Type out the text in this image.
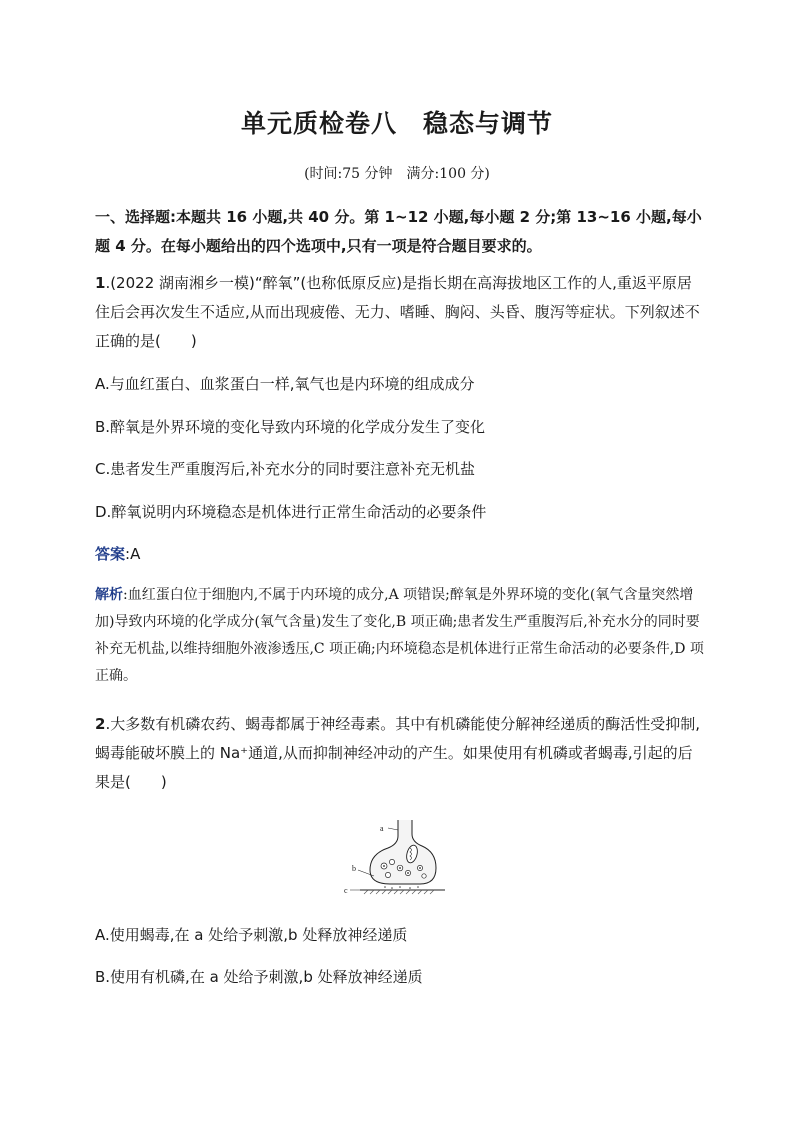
单元质检卷八　稳态与调节
(时间:75 分钟　满分:100 分)
一、选择题:本题共 16 小题,共 40 分。第 1~12 小题,每小题 2 分;第 13~16 小题,每小题 4 分。在每小题给出的四个选项中,只有一项是符合题目要求的。
1.(2022 湖南湘乡一模)“醉氧”(也称低原反应)是指长期在高海拔地区工作的人,重返平原居住后会再次发生不适应,从而出现疲倦、无力、嗜睡、胸闷、头昏、腹泻等症状。下列叙述不正确的是(　　)
A.与血红蛋白、血浆蛋白一样,氧气也是内环境的组成成分
B.醉氧是外界环境的变化导致内环境的化学成分发生了变化
C.患者发生严重腹泻后,补充水分的同时要注意补充无机盐
D.醉氧说明内环境稳态是机体进行正常生命活动的必要条件
答案:A
解析:血红蛋白位于细胞内,不属于内环境的成分,A 项错误;醉氧是外界环境的变化(氧气含量突然增加)导致内环境的化学成分(氧气含量)发生了变化,B 项正确;患者发生严重腹泻后,补充水分的同时要补充无机盐,以维持细胞外液渗透压,C 项正确;内环境稳态是机体进行正常生命活动的必要条件,D 项正确。
2.大多数有机磷农药、蝎毒都属于神经毒素。其中有机磷能使分解神经递质的酶活性受抑制,蝎毒能破坏膜上的 Na⁺通道,从而抑制神经冲动的产生。如果使用有机磷或者蝎毒,引起的后果是(　　)
a
b
c
A.使用蝎毒,在 a 处给予刺激,b 处释放神经递质
B.使用有机磷,在 a 处给予刺激,b 处释放神经递质
